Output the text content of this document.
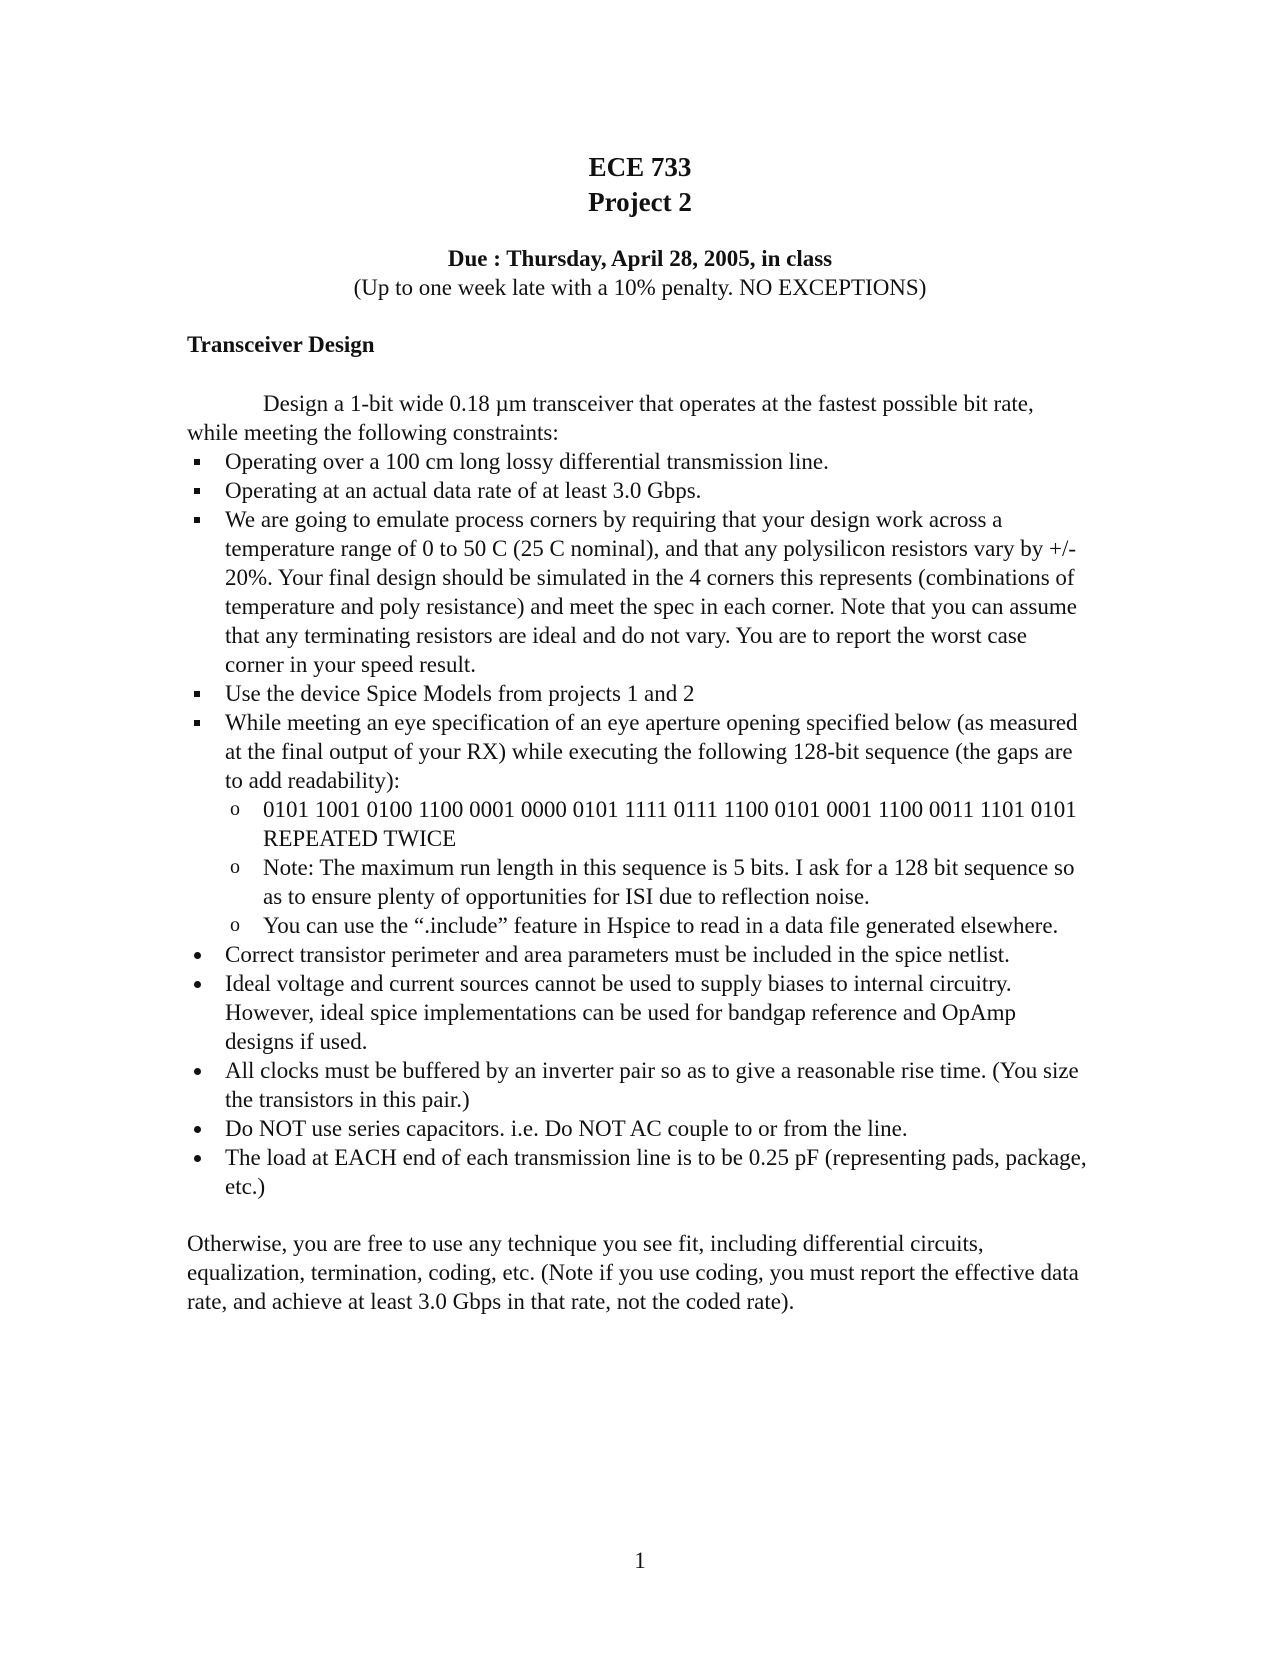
ECE 733
Project 2
Due : Thursday, April 28, 2005, in class
(Up to one week late with a 10% penalty. NO EXCEPTIONS)
Transceiver Design

Design a 1-bit wide 0.18 µm transceiver that operates at the fastest possible bit rate, while meeting the following constraints:

Operating over a 100 cm long lossy differential transmission line.
Operating at an actual data rate of at least 3.0 Gbps.
We are going to emulate process corners by requiring that your design work across a temperature range of 0 to 50 C (25 C nominal), and that any polysilicon resistors vary by +/- 20%. Your final design should be simulated in the 4 corners this represents (combinations of temperature and poly resistance) and meet the spec in each corner. Note that you can assume that any terminating resistors are ideal and do not vary. You are to report the worst case corner in your speed result.
Use the device Spice Models from projects 1 and 2
While meeting an eye specification of an eye aperture opening specified below (as measured at the final output of your RX) while executing the following 128-bit sequence (the gaps are to add readability):
o 0101 1001 0100 1100 0001 0000 0101 1111 0111 1100 0101 0001 1100 0011 1101 0101 REPEATED TWICE
o Note: The maximum run length in this sequence is 5 bits. I ask for a 128 bit sequence so as to ensure plenty of opportunities for ISI due to reflection noise.
o You can use the “.include” feature in Hspice to read in a data file generated elsewhere.
Correct transistor perimeter and area parameters must be included in the spice netlist.
Ideal voltage and current sources cannot be used to supply biases to internal circuitry. However, ideal spice implementations can be used for bandgap reference and OpAmp designs if used.
All clocks must be buffered by an inverter pair so as to give a reasonable rise time. (You size the transistors in this pair.)
Do NOT use series capacitors. i.e. Do NOT AC couple to or from the line.
The load at EACH end of each transmission line is to be 0.25 pF (representing pads, package, etc.)

Otherwise, you are free to use any technique you see fit, including differential circuits, equalization, termination, coding, etc. (Note if you use coding, you must report the effective data rate, and achieve at least 3.0 Gbps in that rate, not the coded rate).

1
